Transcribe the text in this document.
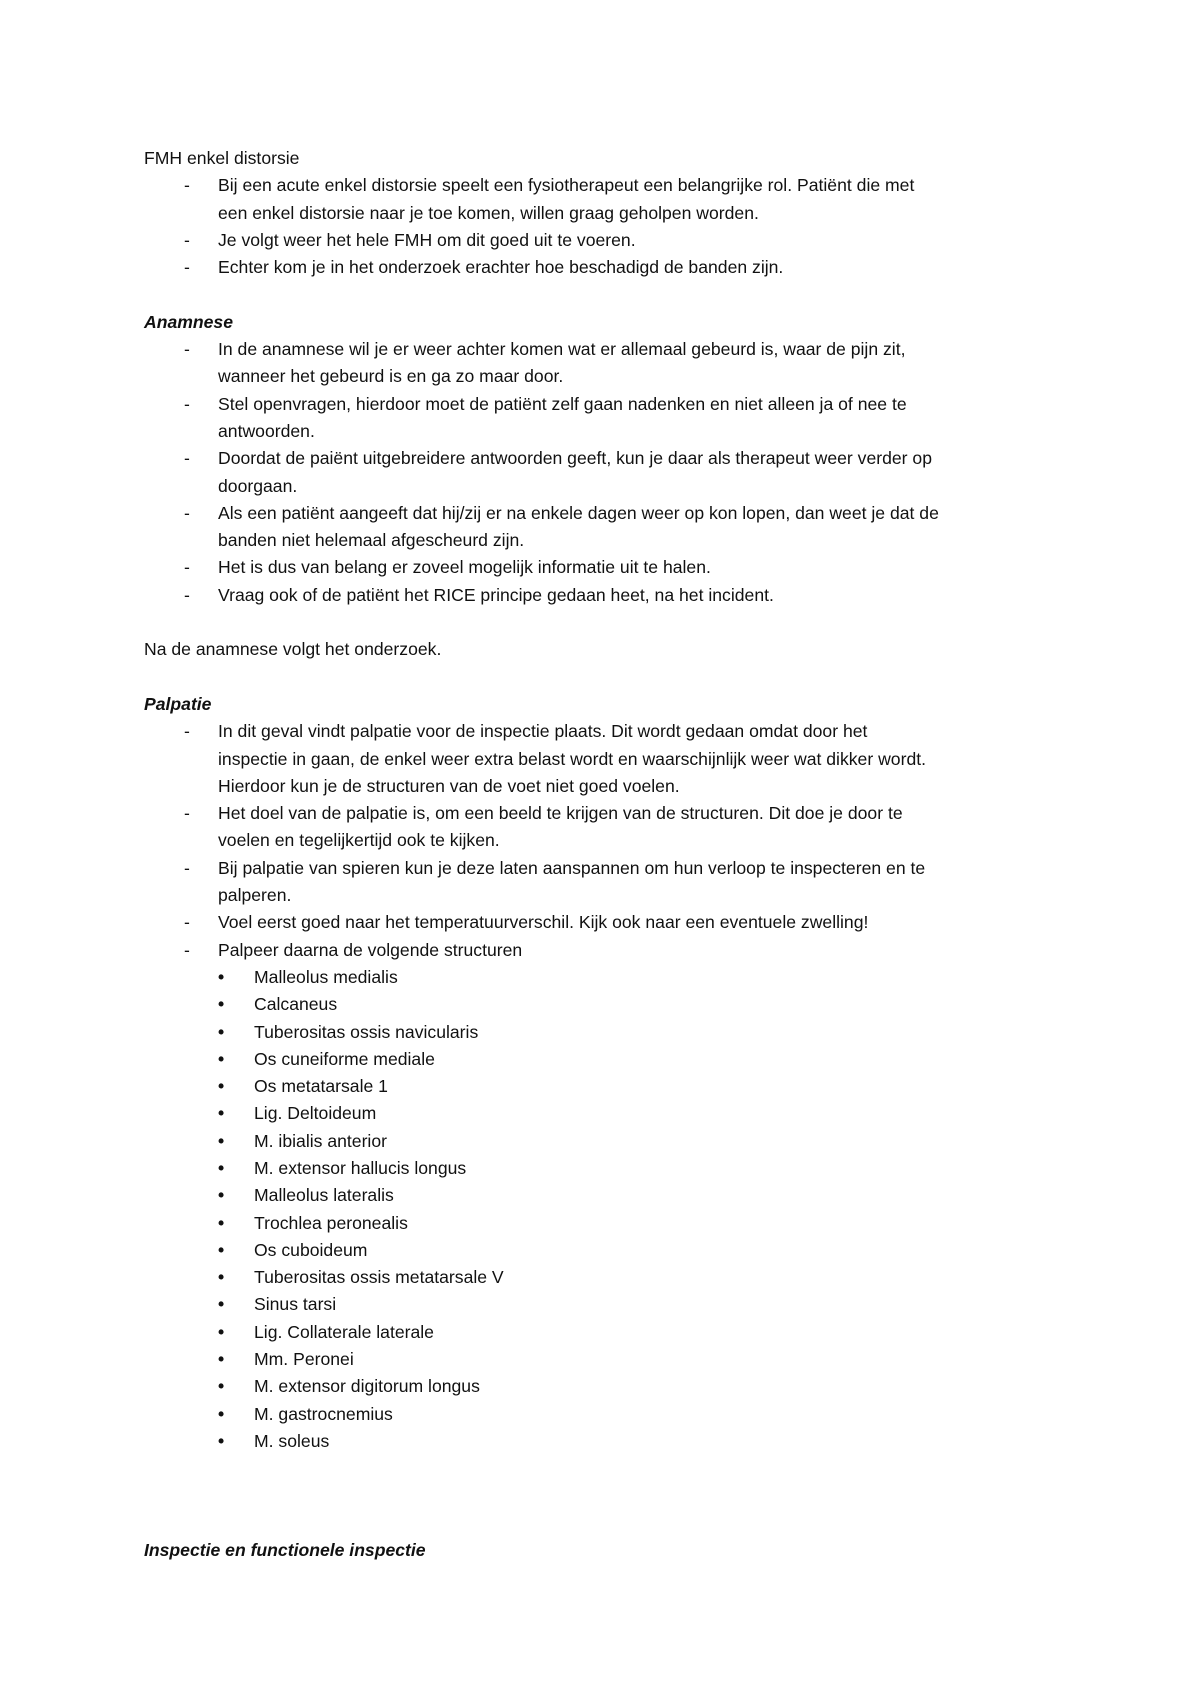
FMH enkel distorsie
- Bij een acute enkel distorsie speelt een fysiotherapeut een belangrijke rol. Patiënt die met
een enkel distorsie naar je toe komen, willen graag geholpen worden.
- Je volgt weer het hele FMH om dit goed uit te voeren.
- Echter kom je in het onderzoek erachter hoe beschadigd de banden zijn.
Anamnese
- In de anamnese wil je er weer achter komen wat er allemaal gebeurd is, waar de pijn zit,
wanneer het gebeurd is en ga zo maar door.
- Stel openvragen, hierdoor moet de patiënt zelf gaan nadenken en niet alleen ja of nee te
antwoorden.
- Doordat de paiënt uitgebreidere antwoorden geeft, kun je daar als therapeut weer verder op
doorgaan.
- Als een patiënt aangeeft dat hij/zij er na enkele dagen weer op kon lopen, dan weet je dat de
banden niet helemaal afgescheurd zijn.
- Het is dus van belang er zoveel mogelijk informatie uit te halen.
- Vraag ook of de patiënt het RICE principe gedaan heet, na het incident.
Na de anamnese volgt het onderzoek.
Palpatie
- In dit geval vindt palpatie voor de inspectie plaats. Dit wordt gedaan omdat door het
inspectie in gaan, de enkel weer extra belast wordt en waarschijnlijk weer wat dikker wordt.
Hierdoor kun je de structuren van de voet niet goed voelen.
- Het doel van de palpatie is, om een beeld te krijgen van de structuren. Dit doe je door te
voelen en tegelijkertijd ook te kijken.
- Bij palpatie van spieren kun je deze laten aanspannen om hun verloop te inspecteren en te
palperen.
- Voel eerst goed naar het temperatuurverschil. Kijk ook naar een eventuele zwelling!
- Palpeer daarna de volgende structuren
• Malleolus medialis
• Calcaneus
• Tuberositas ossis navicularis
• Os cuneiforme mediale
• Os metatarsale 1
• Lig. Deltoideum
• M. ibialis anterior
• M. extensor hallucis longus
• Malleolus lateralis
• Trochlea peronealis
• Os cuboideum
• Tuberositas ossis metatarsale V
• Sinus tarsi
• Lig. Collaterale laterale
• Mm. Peronei
• M. extensor digitorum longus
• M. gastrocnemius
• M. soleus
Inspectie en functionele inspectie
